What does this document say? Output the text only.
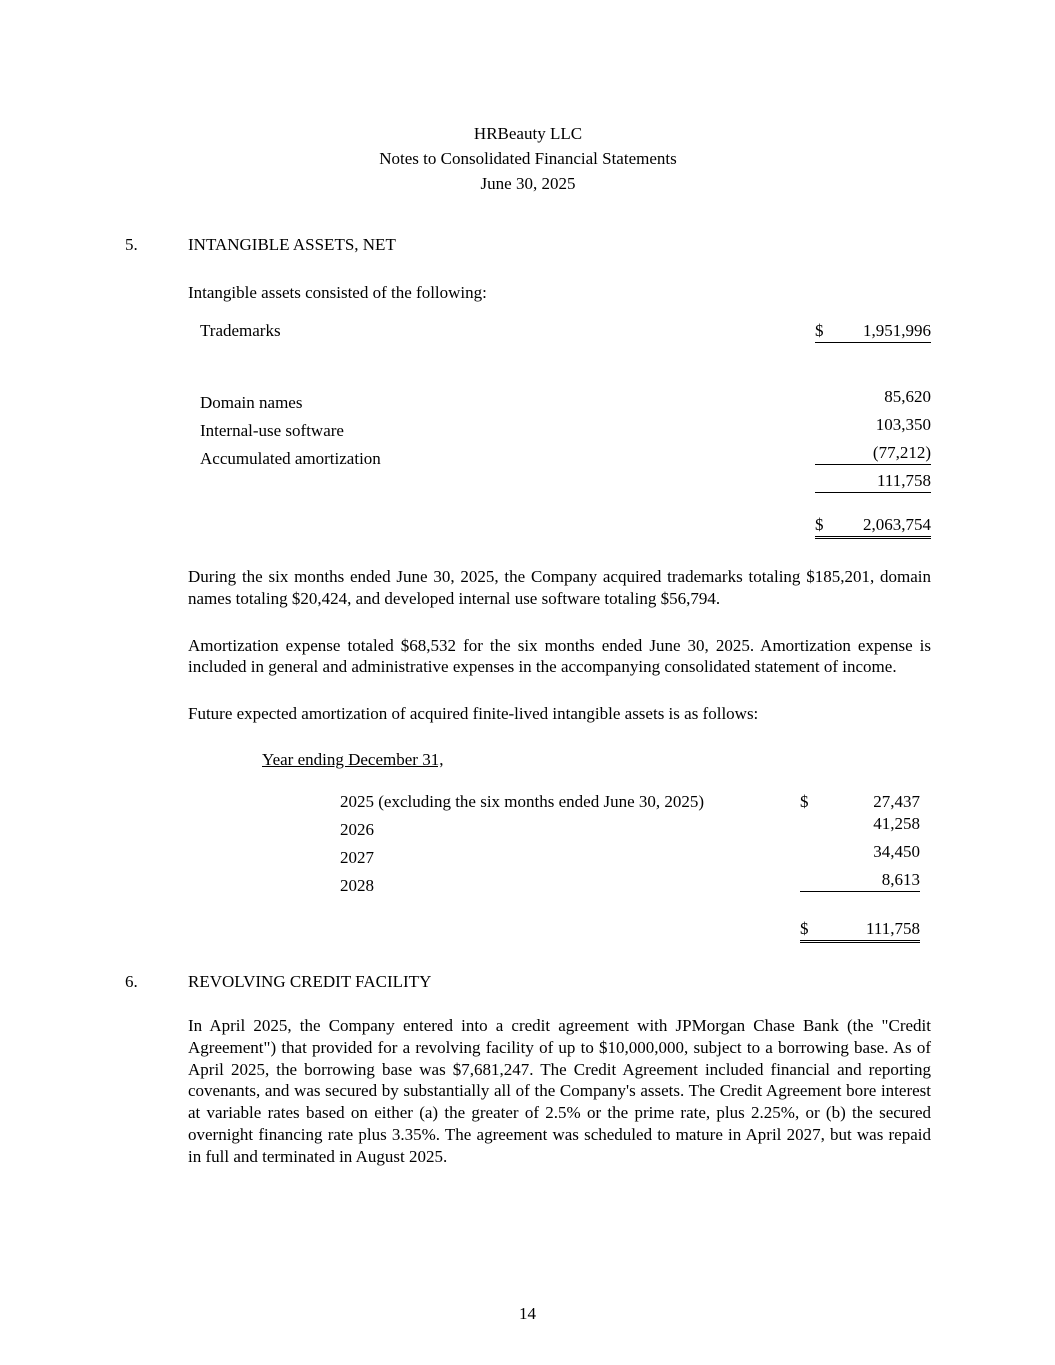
HRBeauty LLC
Notes to Consolidated Financial Statements
June 30, 2025
5.	INTANGIBLE ASSETS, NET
Intangible assets consisted of the following:
Trademarks	$ 1,951,996
Domain names	85,620
Internal-use software	103,350
Accumulated amortization	(77,212)
111,758
$ 2,063,754
During the six months ended June 30, 2025, the Company acquired trademarks totaling $185,201, domain names totaling $20,424, and developed internal use software totaling $56,794.
Amortization expense totaled $68,532 for the six months ended June 30, 2025. Amortization expense is included in general and administrative expenses in the accompanying consolidated statement of income.
Future expected amortization of acquired finite-lived intangible assets is as follows:
Year ending December 31,
2025 (excluding the six months ended June 30, 2025)	$	27,437
2026	41,258
2027	34,450
2028	8,613
$	111,758
6.	REVOLVING CREDIT FACILITY
In April 2025, the Company entered into a credit agreement with JPMorgan Chase Bank (the "Credit Agreement") that provided for a revolving facility of up to $10,000,000, subject to a borrowing base. As of April 2025, the borrowing base was $7,681,247. The Credit Agreement included financial and reporting covenants, and was secured by substantially all of the Company's assets. The Credit Agreement bore interest at variable rates based on either (a) the greater of 2.5% or the prime rate, plus 2.25%, or (b) the secured overnight financing rate plus 3.35%. The agreement was scheduled to mature in April 2027, but was repaid in full and terminated in August 2025.
14
